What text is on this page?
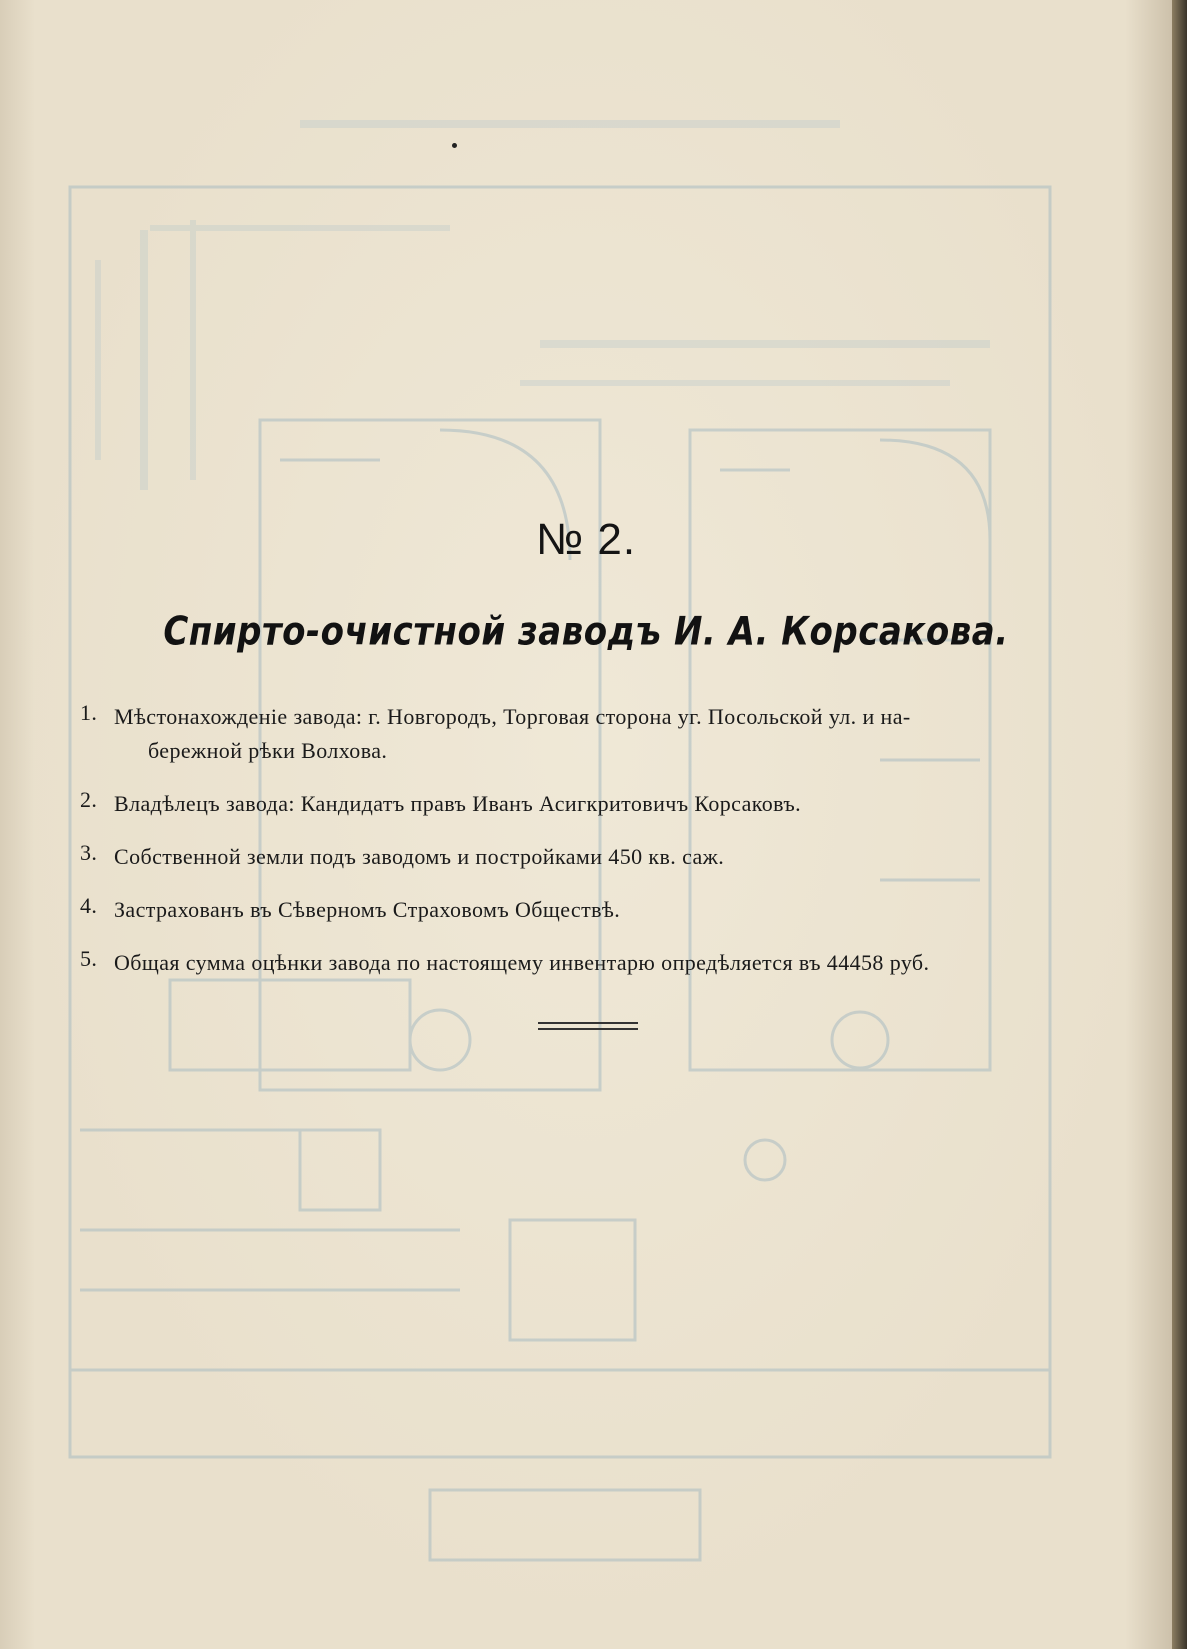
№ 2.
Спирто-очистной заводъ И. А. Корсакова.
1. Мѣстонахожденіе завода: г. Новгородъ, Торговая сторона уг. Посольской ул. и на-
бережной рѣки Волхова.
2. Владѣлецъ завода: Кандидатъ правъ Иванъ Асигкритовичъ Корсаковъ.
3. Собственной земли подъ заводомъ и постройками 450 кв. саж.
4. Застрахованъ въ Сѣверномъ Страховомъ Обществѣ.
5. Общая сумма оцѣнки завода по настоящему инвентарю опредѣляется въ 44458 руб.
